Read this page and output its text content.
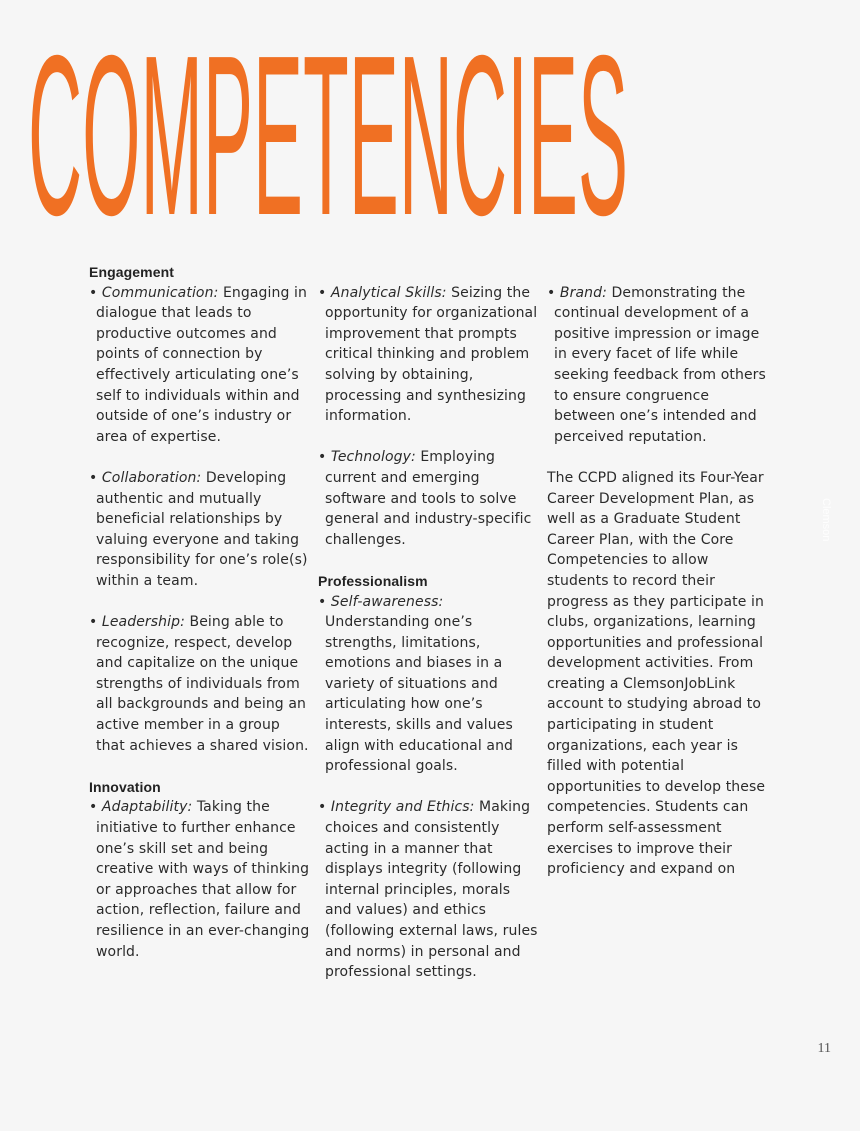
COMPETENCIES

Engagement

• Communication: Engaging in dialogue that leads to productive outcomes and points of connection by effectively articulating one’s self to individuals within and outside of one’s industry or area of expertise.

• Collaboration: Developing authentic and mutually beneficial relationships by valuing everyone and taking responsibility for one’s role(s) within a team.

• Leadership: Being able to recognize, respect, develop and capitalize on the unique strengths of individuals from all backgrounds and being an active member in a group that achieves a shared vision.

Innovation

• Adaptability: Taking the initiative to further enhance one’s skill set and being creative with ways of thinking or approaches that allow for action, reflection, failure and resilience in an ever-changing world.

• Analytical Skills: Seizing the opportunity for organizational improvement that prompts critical thinking and problem solving by obtaining, processing and synthesizing information.

• Technology: Employing current and emerging software and tools to solve general and industry-specific challenges.

Professionalism

• Self-awareness: Understanding one’s strengths, limitations, emotions and biases in a variety of situations and articulating how one’s interests, skills and values align with educational and professional goals.

• Integrity and Ethics: Making choices and consistently acting in a manner that displays integrity (following internal principles, morals and values) and ethics (following external laws, rules and norms) in personal and professional settings.

• Brand: Demonstrating the continual development of a positive impression or image in every facet of life while seeking feedback from others to ensure congruence between one’s intended and perceived reputation.

The CCPD aligned its Four-Year Career Development Plan, as well as a Graduate Student Career Plan, with the Core Competencies to allow students to record their progress as they participate in clubs, organizations, learning opportunities and professional development activities. From creating a ClemsonJobLink account to studying abroad to participating in student organizations, each year is filled with potential opportunities to develop these competencies. Students can perform self-assessment exercises to improve their proficiency and expand on

Clemson
11
